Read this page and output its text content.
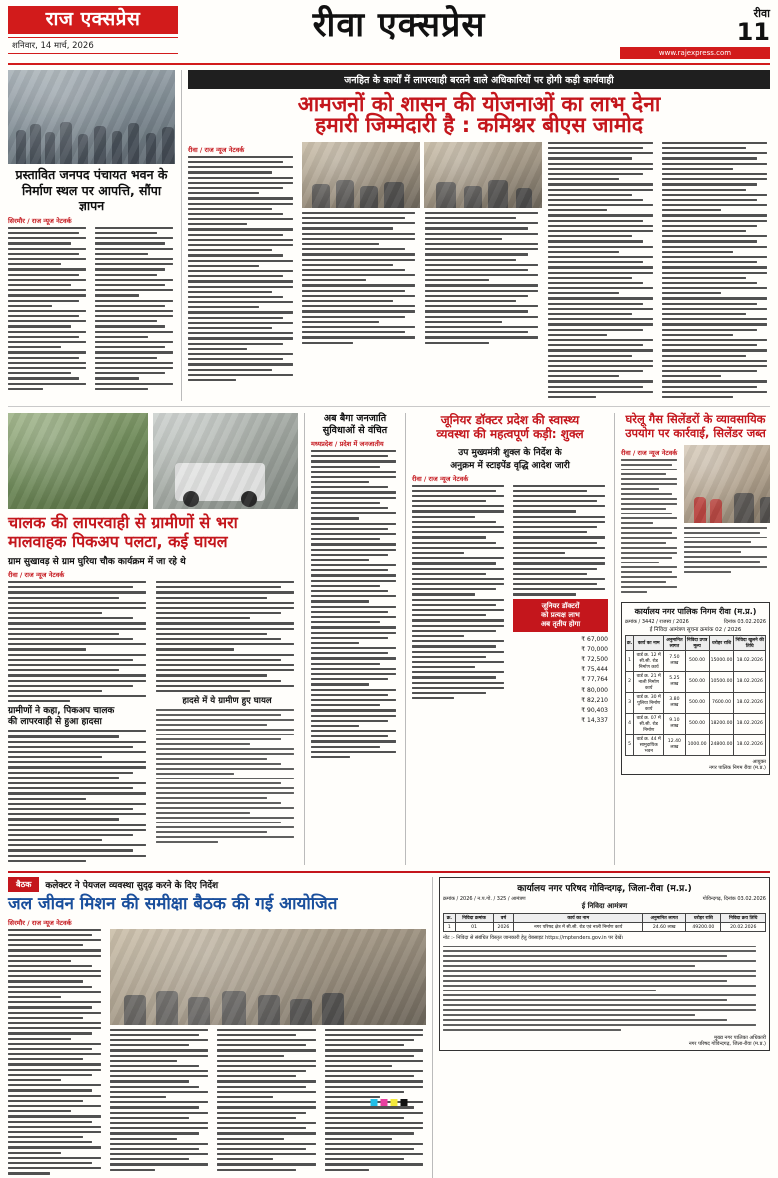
राज एक्सप्रेस
शनिवार, 14 मार्च, 2026
रीवा एक्सप्रेस	रीवा
11
www.rajexpress.com
प्रस्तावित जनपद पंचायत भवन के
निर्माण स्थल पर आपत्ति, सौंपा ज्ञापन
सिरमौर / राज न्यूज नेटवर्क
जनहित के कार्यों में लापरवाही बरतने वाले अधिकारियों पर होगी कड़ी कार्यवाही
आमजनों को शासन की योजनाओं का लाभ देना
हमारी जिम्मेदारी है : कमिश्नर बीएस जामोद
रीवा / राज न्यूज नेटवर्क
चालक की लापरवाही से ग्रामीणों से भरा
मालवाहक पिकअप पलटा, कई घायल
ग्राम सुखावड़ से ग्राम घुरिया चौक कार्यक्रम में जा रहे थे
रीवा / राज न्यूज नेटवर्क
ग्रामीणों ने कहा, पिकअप चालक
की लापरवाही से हुआ हादसा
हादसे में ये ग्रामीण हुए घायल
अब बैगा जनजाति सुविधाओं से वंचित
मध्यप्रदेश / प्रदेश में जनजातीय
जूनियर डॉक्टर प्रदेश की स्वास्थ्य
व्यवस्था की महत्वपूर्ण कड़ी: शुक्ल
उप मुख्यमंत्री शुक्ल के निर्देश के
अनुक्रम में स्टाइपेंड वृद्धि आदेश जारी
रीवा / राज न्यूज नेटवर्क
जूनियर डॉक्टरों
को प्रत्यक्ष लाभ
अब तृतीय होगा
₹ 67,000
₹ 70,000
₹ 72,500
₹ 75,444
₹ 77,764
₹ 80,000
₹ 82,210
₹ 90,403
₹ 14,337
घरेलू गैस सिलेंडरों के व्यावसायिक
उपयोग पर कार्रवाई, सिलेंडर जब्त
रीवा / राज न्यूज नेटवर्क
कार्यालय नगर पालिक निगम रीवा (म.प्र.)
क्रमांक / 3442 / राजस्व / 2026	दिनांक 03.02.2026
ई निविदा आमंत्रण सूचना क्रमांक 02 / 2026
क्र.	कार्य का नाम	अनुमानित लागत	निविदा प्रपत्र मूल्य	धरोहर राशि	निविदा खुलने की तिथि
1	वार्ड क्र. 12 में सी.सी. रोड निर्माण कार्य	7.50 लाख	500.00	15000.00	18.02.2026
2	वार्ड क्र. 21 में नाली निर्माण कार्य	5.25 लाख	500.00	10500.00	18.02.2026
3	वार्ड क्र. 30 में पुलिया निर्माण कार्य	3.80 लाख	500.00	7600.00	18.02.2026
4	वार्ड क्र. 07 में सी.सी. रोड निर्माण	9.10 लाख	500.00	18200.00	18.02.2026
5	वार्ड क्र. 44 में सामुदायिक भवन	12.40 लाख	1000.00	24800.00	18.02.2026
आयुक्त
नगर पालिक निगम रीवा (म.प्र.)
बैठक	कलेक्टर ने पेयजल व्यवस्था सुदृढ़ करने के दिए निर्देश
जल जीवन मिशन की समीक्षा बैठक की गई आयोजित
सिरमौर / राज न्यूज नेटवर्क
कार्यालय नगर परिषद गोविन्दगढ़, जिला-रीवा (म.प्र.)
क्रमांक / 2026 / न.प.गो. / 325 / आमंत्रण	गोविन्दगढ़, दिनांक 03.02.2026
ई निविदा आमंत्रण
क्र.	निविदा क्रमांक	वर्ष	कार्य का नाम	अनुमानित लागत	धरोहर राशि	निविदा क्रय तिथि
1	01	2026	नगर परिषद क्षेत्र में सी.सी. रोड एवं नाली निर्माण कार्य	24.60 लाख	49200.00	20.02.2026
नोट :- निविदा से संबंधित विस्तृत जानकारी हेतु वेबसाइट https://mptenders.gov.in पर देखें।
मुख्य नगर पालिका अधिकारी
नगर परिषद गोविन्दगढ़, जिला-रीवा (म.प्र.)
